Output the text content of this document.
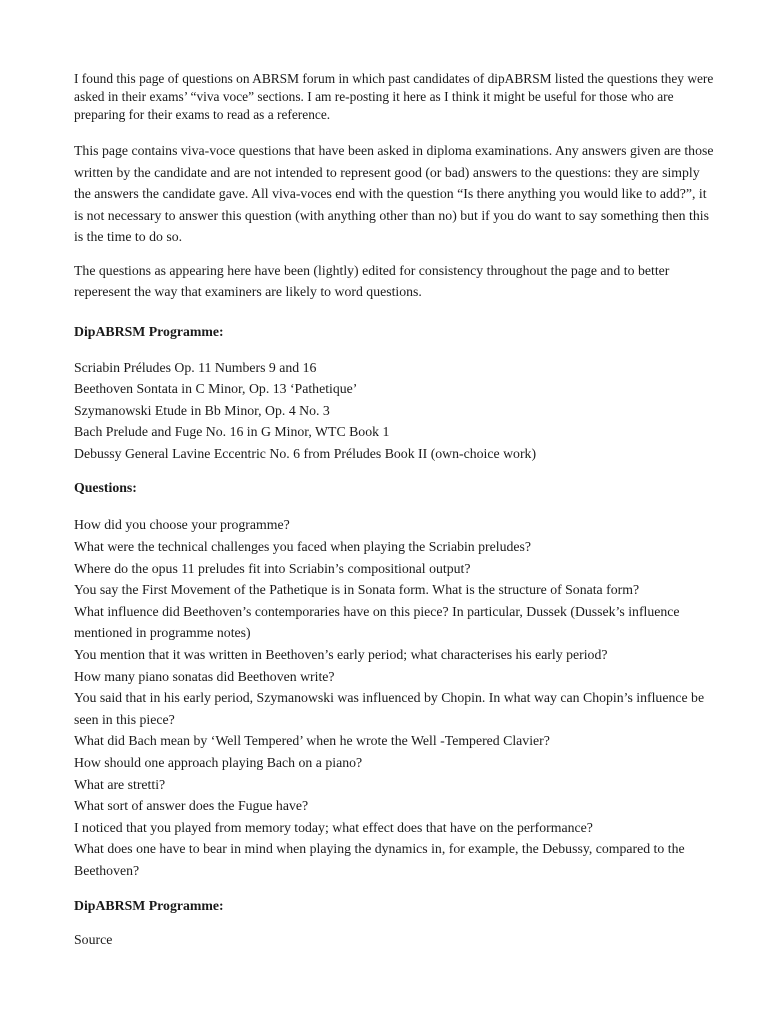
I found this page of questions on ABRSM forum in which past candidates of dipABRSM listed the questions they were asked in their exams’ “viva voce” sections. I am re-posting it here as I think it might be useful for those who are preparing for their exams to read as a reference.

This page contains viva-voce questions that have been asked in diploma examinations. Any answers given are those written by the candidate and are not intended to represent good (or bad) answers to the questions: they are simply the answers the candidate gave. All viva-voces end with the question “Is there anything you would like to add?”, it is not necessary to answer this question (with anything other than no) but if you do want to say something then this is the time to do so.

The questions as appearing here have been (lightly) edited for consistency throughout the page and to better reperesent the way that examiners are likely to word questions.

DipABRSM Programme:

Scriabin Préludes Op. 11 Numbers 9 and 16
Beethoven Sontata in C Minor, Op. 13 ‘Pathetique’
Szymanowski Etude in Bb Minor, Op. 4 No. 3
Bach Prelude and Fuge No. 16 in G Minor, WTC Book 1
Debussy General Lavine Eccentric No. 6 from Préludes Book II (own-choice work)

Questions:

How did you choose your programme?
What were the technical challenges you faced when playing the Scriabin preludes?
Where do the opus 11 preludes fit into Scriabin’s compositional output?
You say the First Movement of the Pathetique is in Sonata form. What is the structure of Sonata form?
What influence did Beethoven’s contemporaries have on this piece? In particular, Dussek (Dussek’s influence mentioned in programme notes)
You mention that it was written in Beethoven’s early period; what characterises his early period?
How many piano sonatas did Beethoven write?
You said that in his early period, Szymanowski was influenced by Chopin. In what way can Chopin’s influence be seen in this piece?
What did Bach mean by ‘Well Tempered’ when he wrote the Well -Tempered Clavier?
How should one approach playing Bach on a piano?
What are stretti?
What sort of answer does the Fugue have?
I noticed that you played from memory today; what effect does that have on the performance?
What does one have to bear in mind when playing the dynamics in, for example, the Debussy, compared to the Beethoven?

DipABRSM Programme:

Source
